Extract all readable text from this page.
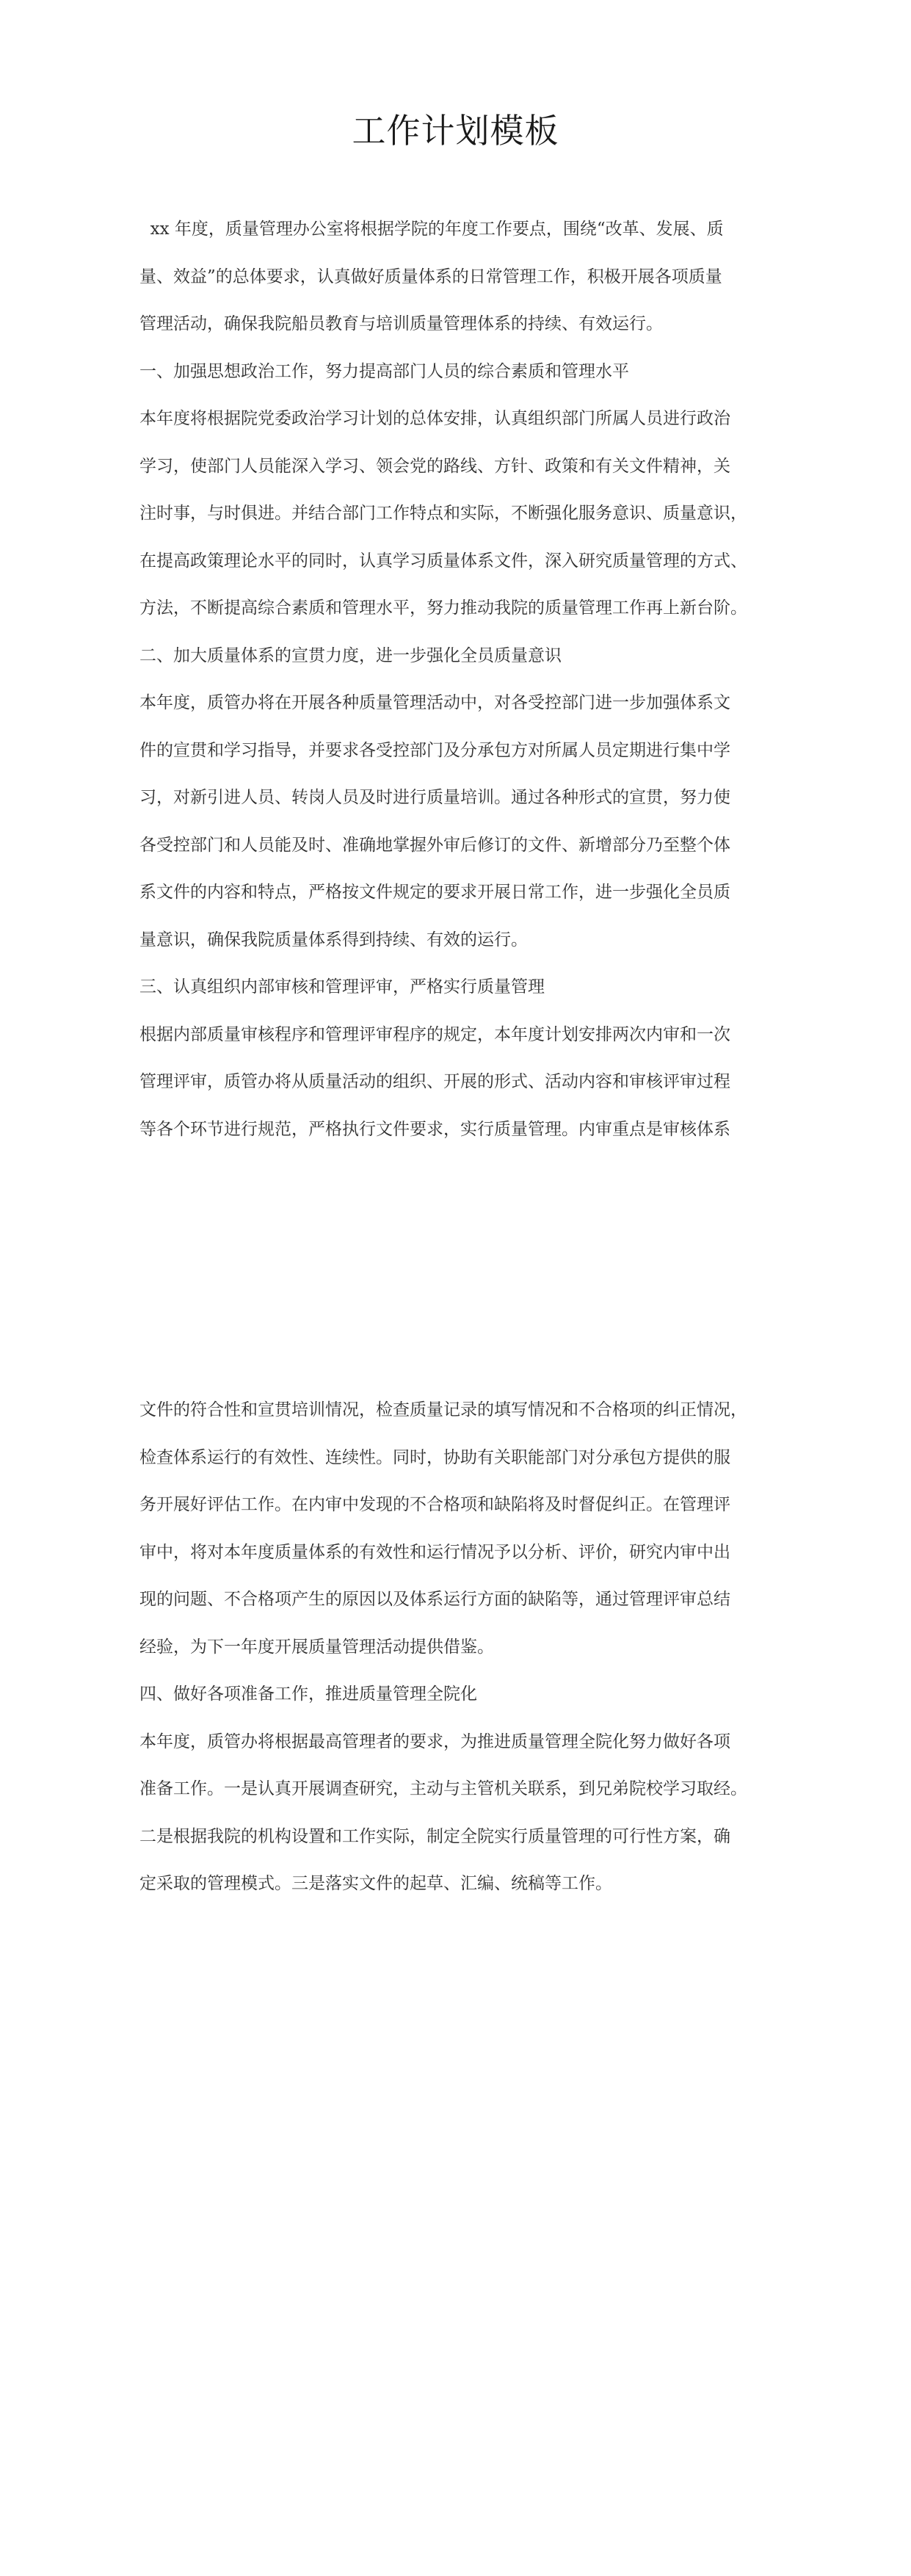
工作计划模板
xx 年度，质量管理办公室将根据学院的年度工作要点，围绕“改革、发展、质
量、效益”的总体要求，认真做好质量体系的日常管理工作，积极开展各项质量
管理活动，确保我院船员教育与培训质量管理体系的持续、有效运行。
一、加强思想政治工作，努力提高部门人员的综合素质和管理水平
本年度将根据院党委政治学习计划的总体安排，认真组织部门所属人员进行政治
学习，使部门人员能深入学习、领会党的路线、方针、政策和有关文件精神，关
注时事，与时俱进。并结合部门工作特点和实际，不断强化服务意识、质量意识，
在提高政策理论水平的同时，认真学习质量体系文件，深入研究质量管理的方式、
方法，不断提高综合素质和管理水平，努力推动我院的质量管理工作再上新台阶。
二、加大质量体系的宣贯力度，进一步强化全员质量意识
本年度，质管办将在开展各种质量管理活动中，对各受控部门进一步加强体系文
件的宣贯和学习指导，并要求各受控部门及分承包方对所属人员定期进行集中学
习，对新引进人员、转岗人员及时进行质量培训。通过各种形式的宣贯，努力使
各受控部门和人员能及时、准确地掌握外审后修订的文件、新增部分乃至整个体
系文件的内容和特点，严格按文件规定的要求开展日常工作，进一步强化全员质
量意识，确保我院质量体系得到持续、有效的运行。
三、认真组织内部审核和管理评审，严格实行质量管理
根据内部质量审核程序和管理评审程序的规定，本年度计划安排两次内审和一次
管理评审，质管办将从质量活动的组织、开展的形式、活动内容和审核评审过程
等各个环节进行规范，严格执行文件要求，实行质量管理。内审重点是审核体系
文件的符合性和宣贯培训情况，检查质量记录的填写情况和不合格项的纠正情况，
检查体系运行的有效性、连续性。同时，协助有关职能部门对分承包方提供的服
务开展好评估工作。在内审中发现的不合格项和缺陷将及时督促纠正。在管理评
审中，将对本年度质量体系的有效性和运行情况予以分析、评价，研究内审中出
现的问题、不合格项产生的原因以及体系运行方面的缺陷等，通过管理评审总结
经验，为下一年度开展质量管理活动提供借鉴。
四、做好各项准备工作，推进质量管理全院化
本年度，质管办将根据最高管理者的要求，为推进质量管理全院化努力做好各项
准备工作。一是认真开展调查研究，主动与主管机关联系，到兄弟院校学习取经。
二是根据我院的机构设置和工作实际，制定全院实行质量管理的可行性方案，确
定采取的管理模式。三是落实文件的起草、汇编、统稿等工作。
